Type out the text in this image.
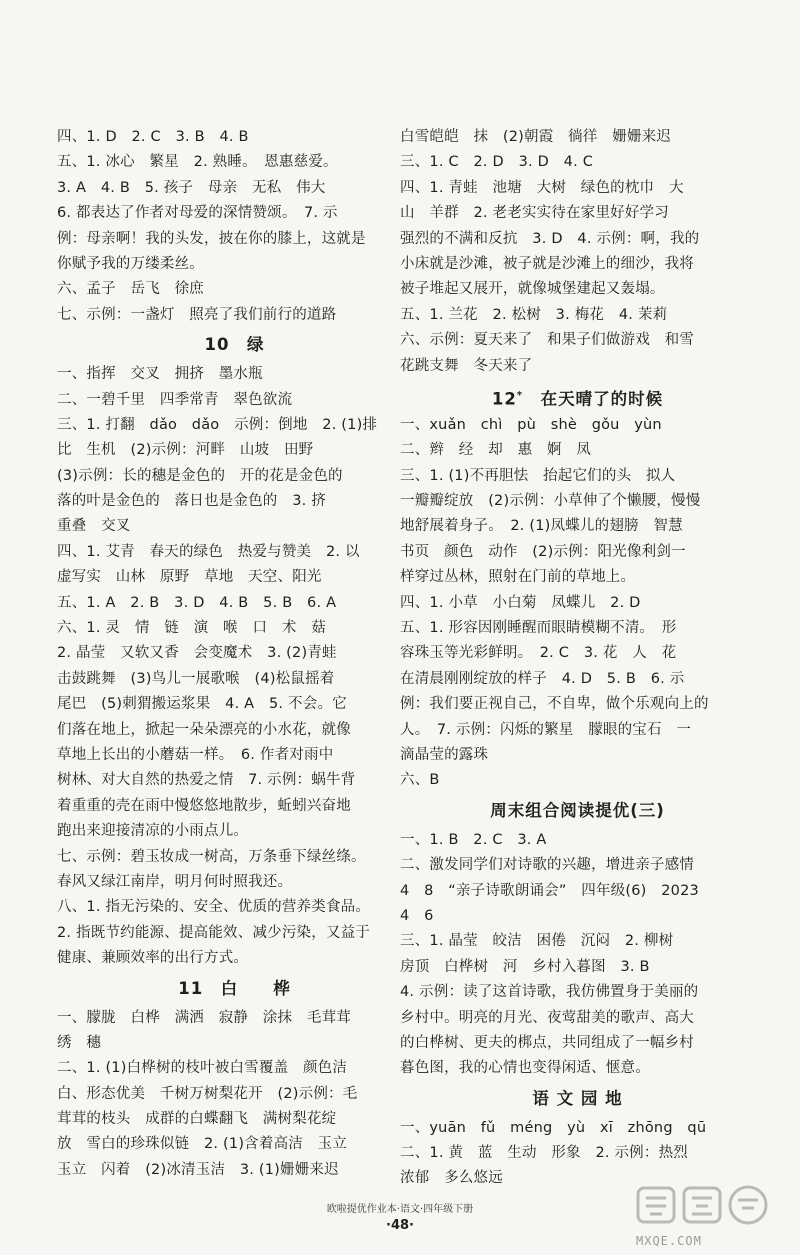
四、1. D　2. C　3. B　4. B
五、1. 冰心　繁星　2. 熟睡。　恩惠慈爱。
3. A　4. B　5. 孩子　母亲　无私　伟大
6. 都表达了作者对母爱的深情赞颂。　7. 示
例：母亲啊！我的头发，披在你的膝上，这就是
你赋予我的万缕柔丝。
六、孟子　岳飞　徐庶
七、示例：一盏灯　照亮了我们前行的道路
10　绿
一、指挥　交叉　拥挤　墨水瓶
二、一碧千里　四季常青　翠色欲流
三、1. 打翻　dǎo　dǎo　示例：倒地　2. (1)排
比　生机　(2)示例：河畔　山坡　田野
(3)示例：长的穗是金色的　开的花是金色的
落的叶是金色的　落日也是金色的　3. 挤
重叠　交叉
四、1. 艾青　春天的绿色　热爱与赞美　2. 以
虚写实　山林　原野　草地　天空、阳光
五、1. A　2. B　3. D　4. B　5. B　6. A
六、1. 灵　情　链　演　喉　口　术　菇
2. 晶莹　又软又香　会变魔术　3. (2)青蛙
击鼓跳舞　(3)鸟儿一展歌喉　(4)松鼠摇着
尾巴　(5)刺猬搬运浆果　4. A　5. 不会。它
们落在地上，掀起一朵朵漂亮的小水花，就像
草地上长出的小蘑菇一样。　6. 作者对雨中
树林、对大自然的热爱之情　7. 示例：蜗牛背
着重重的壳在雨中慢悠悠地散步，蚯蚓兴奋地
跑出来迎接清凉的小雨点儿。
七、示例：碧玉妆成一树高，万条垂下绿丝绦。
春风又绿江南岸，明月何时照我还。
八、1. 指无污染的、安全、优质的营养类食品。
2. 指既节约能源、提高能效、减少污染，又益于
健康、兼顾效率的出行方式。
11　白　　桦
一、朦胧　白桦　满洒　寂静　涂抹　毛茸茸
绣　穗
二、1. (1)白桦树的枝叶被白雪覆盖　颜色洁
白、形态优美　千树万树梨花开　(2)示例：毛
茸茸的枝头　成群的白蝶翻飞　满树梨花绽
放　雪白的珍珠似链　2. (1)含着高洁　玉立
玉立　闪着　(2)冰清玉洁　3. (1)姗姗来迟
白雪皑皑　抹　(2)朝霞　徜徉　姗姗来迟
三、1. C　2. D　3. D　4. C
四、1. 青蛙　池塘　大树　绿色的枕巾　大
山　羊群　2. 老老实实待在家里好好学习
强烈的不满和反抗　3. D　4. 示例：啊，我的
小床就是沙滩，被子就是沙滩上的细沙，我将
被子堆起又展开，就像城堡建起又轰塌。
五、1. 兰花　2. 松树　3. 梅花　4. 茉莉
六、示例：夏天来了　和果子们做游戏　和雪
花跳支舞　冬天来了
12*　在天晴了的时候
一、xuǎn　chì　pù　shè　gǒu　yùn
二、辫　经　却　惠　婀　凤
三、1. (1)不再胆怯　抬起它们的头　拟人
一瓣瓣绽放　(2)示例：小草伸了个懒腰，慢慢
地舒展着身子。　2. (1)凤蝶儿的翅膀　智慧
书页　颜色　动作　(2)示例：阳光像利剑一
样穿过丛林，照射在门前的草地上。
四、1. 小草　小白菊　凤蝶儿　2. D
五、1. 形容因刚睡醒而眼睛模糊不清。　形
容珠玉等光彩鲜明。　2. C　3. 花　人　花
在清晨刚刚绽放的样子　4. D　5. B　6. 示
例：我们要正视自己，不自卑，做个乐观向上的
人。　7. 示例：闪烁的繁星　朦眼的宝石　一
滴晶莹的露珠
六、B
周末组合阅读提优(三)
一、1. B　2. C　3. A
二、激发同学们对诗歌的兴趣，增进亲子感情
4　8　“亲子诗歌朗诵会”　四年级(6)　2023
4　6
三、1. 晶莹　皎洁　困倦　沉闷　2. 柳树
房顶　白桦树　河　乡村入暮图　3. B
4. 示例：读了这首诗歌，我仿佛置身于美丽的
乡村中。明亮的月光、夜莺甜美的歌声、高大
的白桦树、更夫的梆点，共同组成了一幅乡村
暮色图，我的心情也变得闲适、惬意。
语 文 园 地
一、yuān　fǔ　méng　yù　xī　zhōng　qū
二、1. 黄　蓝　生动　形象　2. 示例：热烈
浓郁　多么悠远
欧啦提优作业本·语文·四年级下册
·48·
MXQE.COM
